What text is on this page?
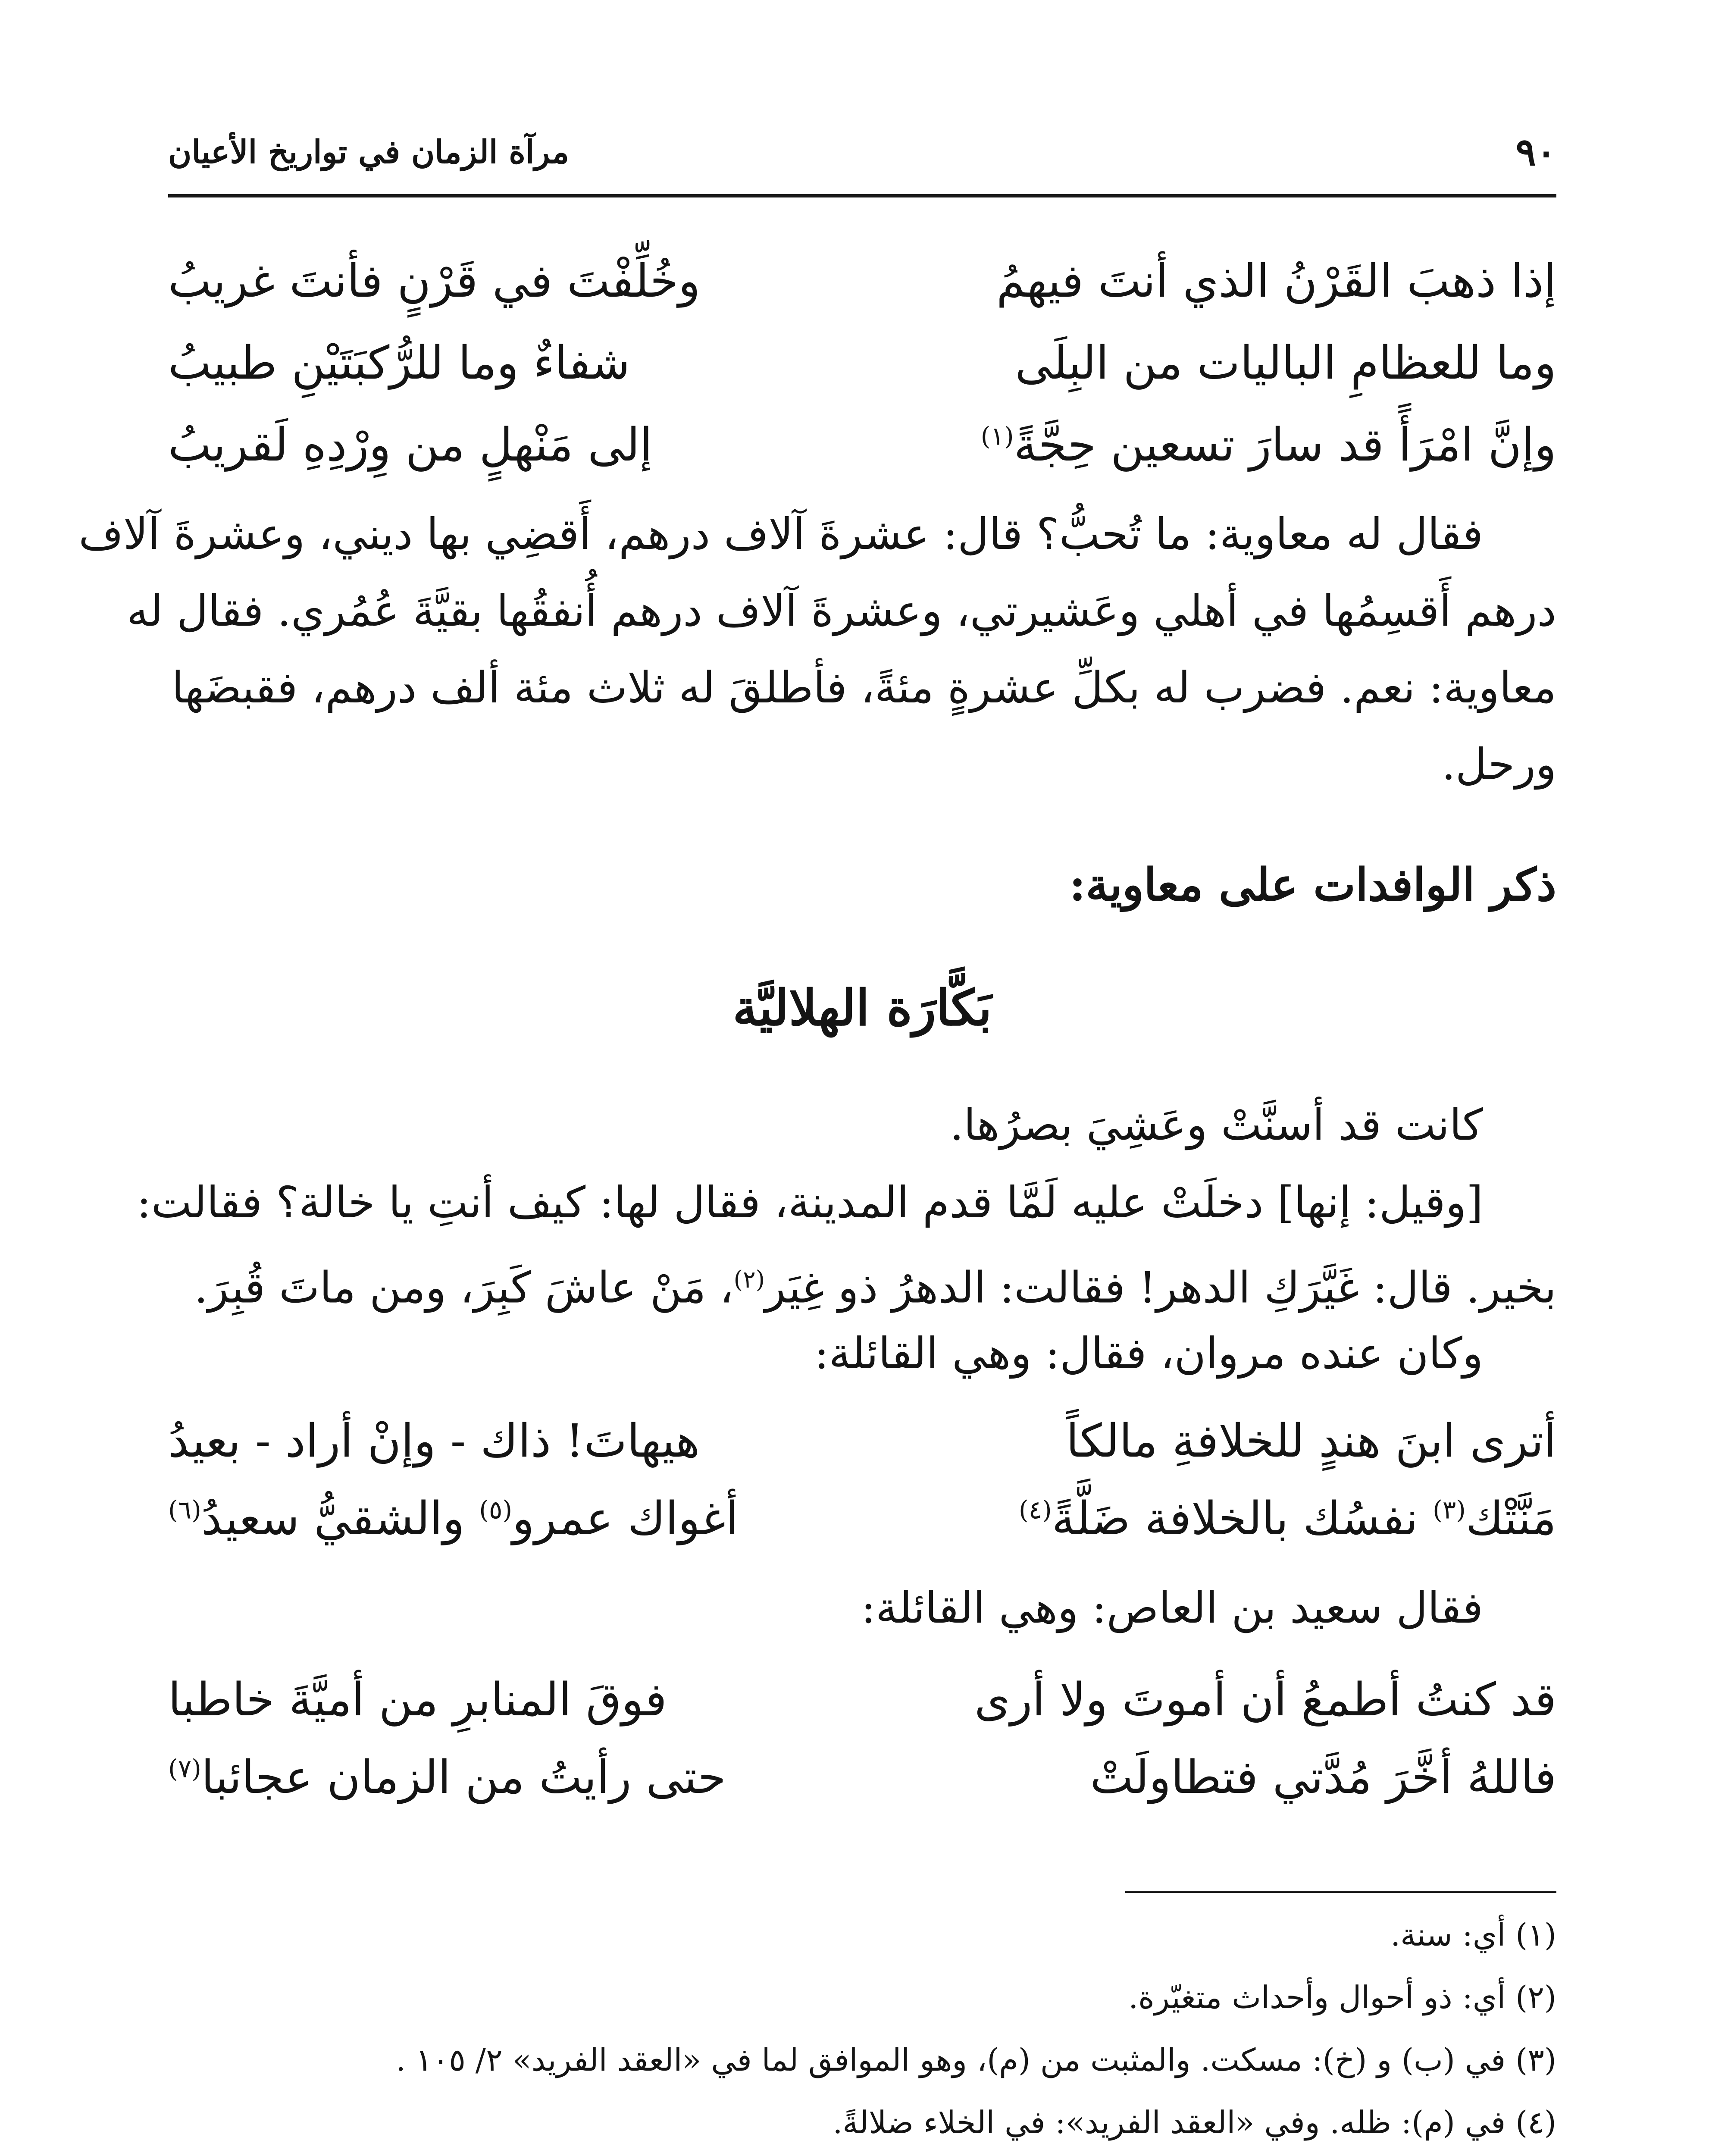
٩٠
مرآة الزمان في تواريخ الأعيان
إذا ذهبَ القَرْنُ الذي أنتَ فيهمُ
وخُلِّفْتَ في قَرْنٍ فأنتَ غريبُ
وما للعظامِ الباليات من البِلَى
شفاءٌ وما للرُّكبَتَيْنِ طبيبُ
وإنَّ امْرَأً قد سارَ تسعين حِجَّةً$^{(١)}$
إلى مَنْهلٍ من وِرْدِهِ لَقريبُ
فقال له معاوية: ما تُحبُّ؟ قال: عشرةَ آلاف درهم، أَقضِي بها ديني، وعشرةَ آلاف
درهم أَقسِمُها في أهلي وعَشيرتي، وعشرةَ آلاف درهم أُنفقُها بقيَّةَ عُمُري. فقال له
معاوية: نعم. فضرب له بكلِّ عشرةٍ مئةً، فأطلقَ له ثلاث مئة ألف درهم، فقبضَها
ورحل.
ذكر الوافدات على معاوية:
بَكَّارَة الهلاليَّة
كانت قد أسنَّتْ وعَشِيَ بصرُها.
[وقيل: إنها] دخلَتْ عليه لَمَّا قدم المدينة، فقال لها: كيف أنتِ يا خالة؟ فقالت:
بخير. قال: غَيَّرَكِ الدهر! فقالت: الدهرُ ذو غِيَر$^{(٢)}$، مَنْ عاشَ كَبِرَ، ومن ماتَ قُبِرَ.
وكان عنده مروان، فقال: وهي القائلة:
أترى ابنَ هندٍ للخلافةِ مالكاً
هيهاتَ! ذاك - وإنْ أراد - بعيدُ
مَنَّتْك$^{(٣)}$ نفسُك بالخلافة ضَلَّةً$^{(٤)}$
أغواك عمرو$^{(٥)}$ والشقيُّ سعيدُ$^{(٦)}$
فقال سعيد بن العاص: وهي القائلة:
قد كنتُ أطمعُ أن أموتَ ولا أرى
فوقَ المنابرِ من أميَّةَ خاطبا
فاللهُ أخَّرَ مُدَّتي فتطاولَتْ
حتى رأيتُ من الزمان عجائبا$^{(٧)}$
(١) أي: سنة.
(٢) أي: ذو أحوال وأحداث متغيّرة.
(٣) في (ب) و (خ): مسكت. والمثبت من (م)، وهو الموافق لما في «العقد الفريد» ٢/ ١٠٥ .
(٤) في (م): ظله. وفي «العقد الفريد»: في الخلاء ضلالةً.
